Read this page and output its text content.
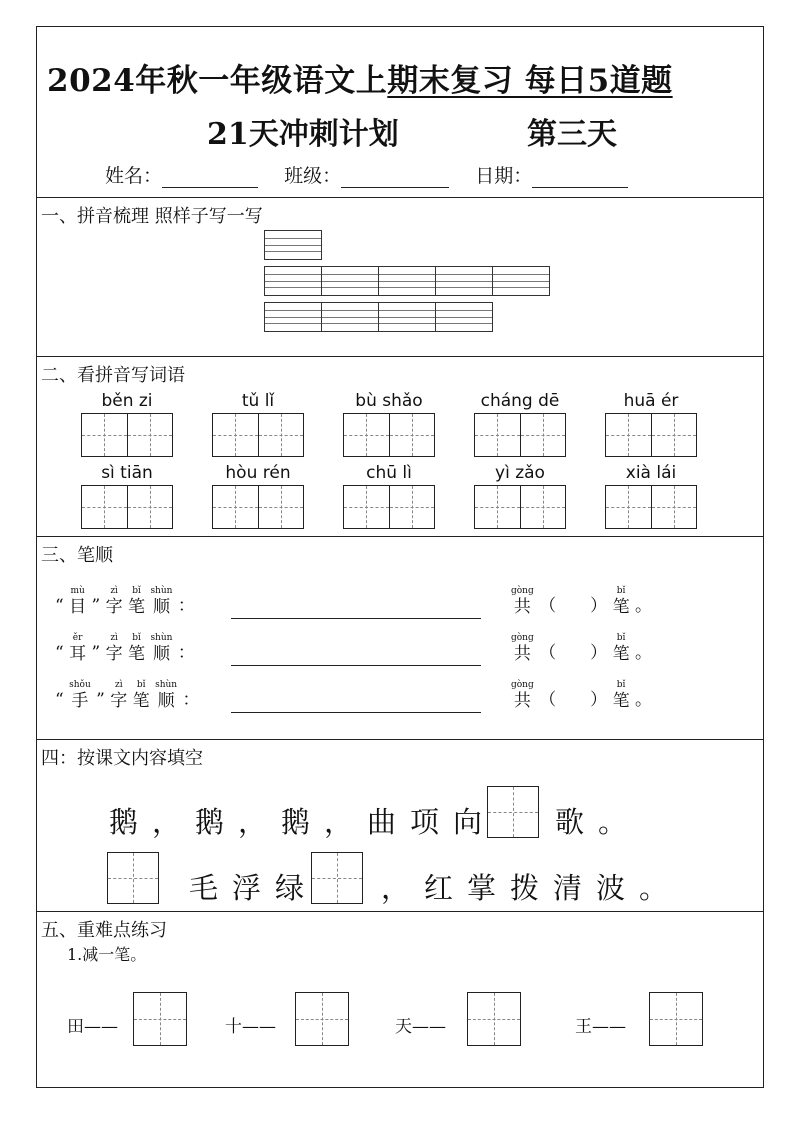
2024年秋一年级语文上期末复习 每日5道题
21天冲刺计划	第三天
姓名：	班级：	日期：
一、拼音梳理 照样子写一写
二、看拼音写词语
běn zi	tǔ lǐ	bù shǎo	cháng dē	huā ér
sì tiān	hòu rén	chū lì	yì zǎo	xià lái
三、笔顺
“
mù
目 ”
zì
字

bǐ
笔

shùn
顺 ：
gòng
共 （ ）
bǐ
笔 。
“
ěr
耳 ”
zì
字

bǐ
笔

shùn
顺 ：
gòng
共 （ ）
bǐ
笔 。
“
shǒu
手 ”
zì
字

bǐ
笔

shùn
顺 ：
gòng
共 （ ）
bǐ
笔 。
四：按课文内容填空
鹅，鹅，鹅，曲项向 歌。
毛浮绿 ，红掌拨清波。
五、重难点练习
1.减一笔。
田——	十——	天——	王——
